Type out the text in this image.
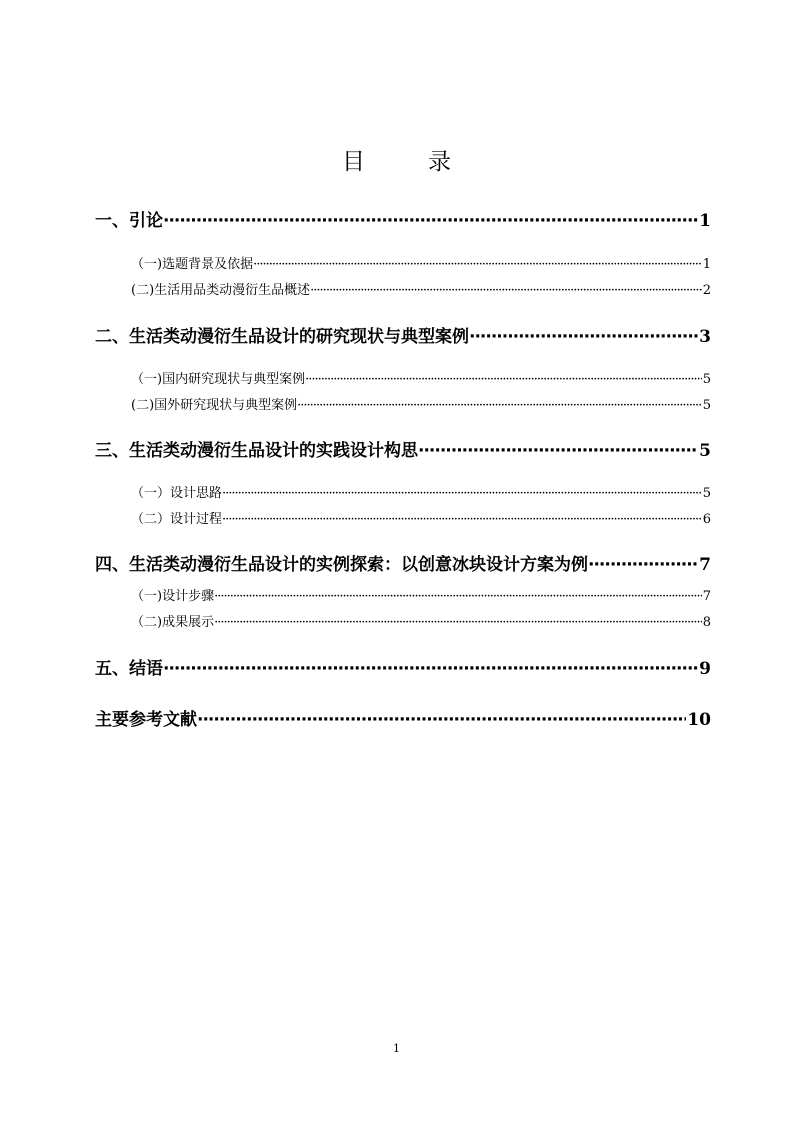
目　录
一、引论 ·····	1
（一)选题背景及依据 ·····	1
(二)生活用品类动漫衍生品概述 ·····	2
二、生活类动漫衍生品设计的研究现状与典型案例 ·····	3
（一)国内研究现状与典型案例 ·····	5
(二)国外研究现状与典型案例 ·····	5
三、生活类动漫衍生品设计的实践设计构思 ·····	5
（一）设计思路 ·····	5
（二）设计过程 ·····	6
四、生活类动漫衍生品设计的实例探索：以创意冰块设计方案为例 ·····	7
（一)设计步骤 ·····	7
（二)成果展示 ·····	8
五、结语 ·····	9
主要参考文献 ·····	10
1
